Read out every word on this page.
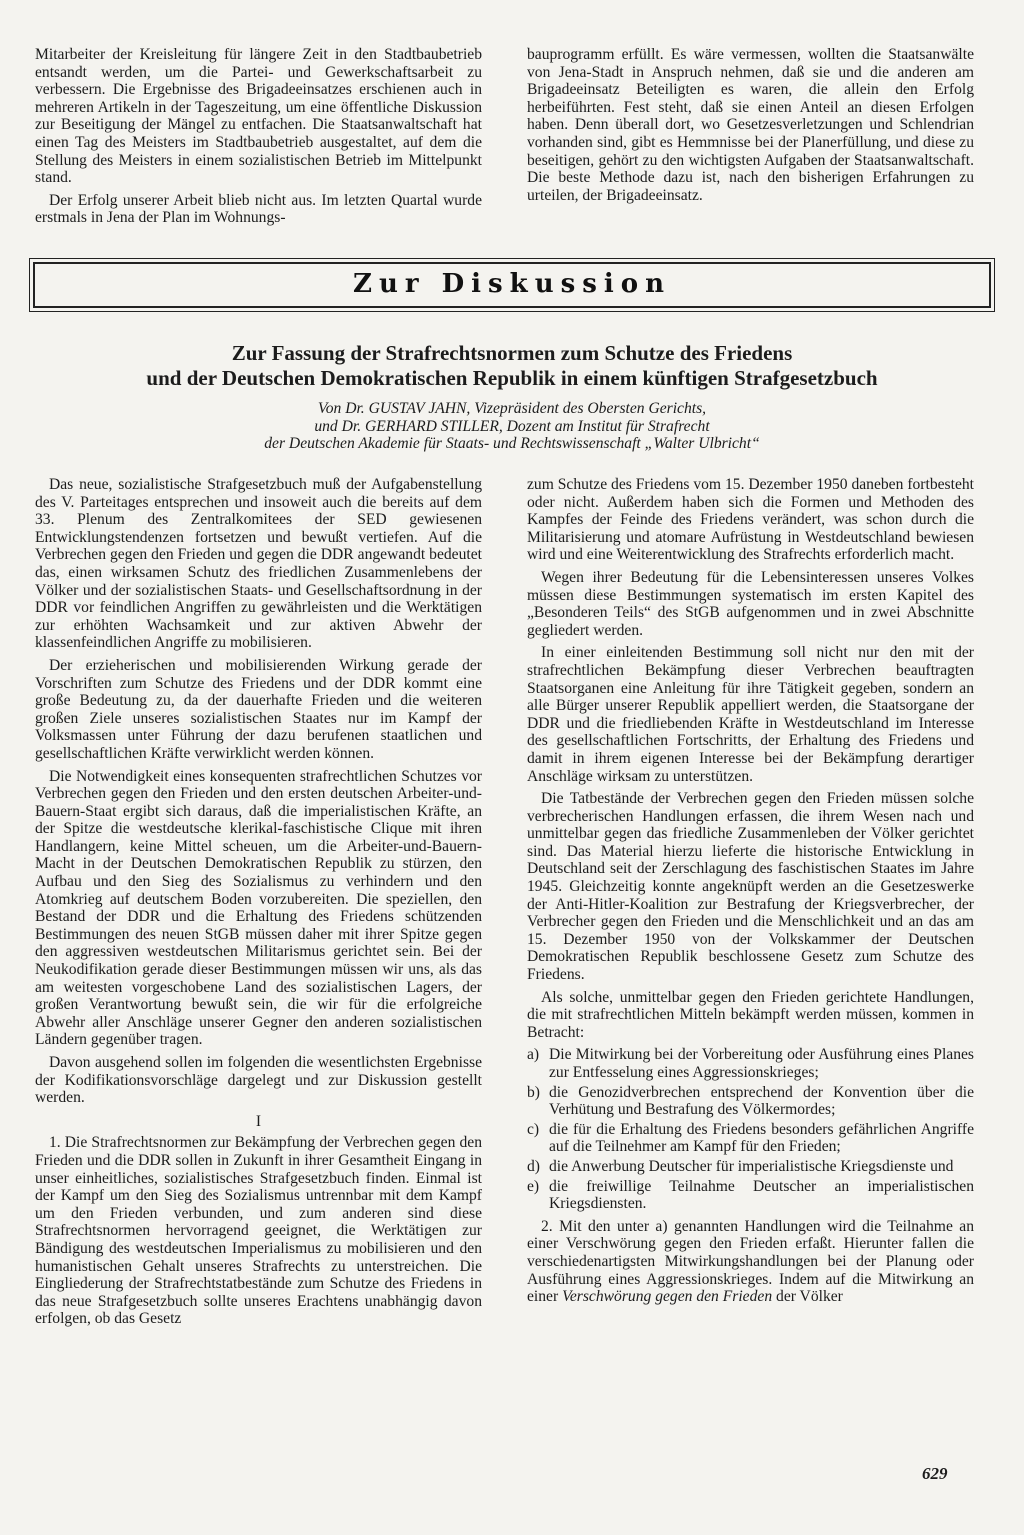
Mitarbeiter der Kreisleitung für längere Zeit in den Stadtbaubetrieb entsandt werden, um die Partei- und Gewerkschaftsarbeit zu verbessern. Die Ergebnisse des Brigadeeinsatzes erschienen auch in mehreren Artikeln in der Tageszeitung, um eine öffentliche Diskussion zur Beseitigung der Mängel zu entfachen. Die Staatsanwaltschaft hat einen Tag des Meisters im Stadtbaubetrieb ausgestaltet, auf dem die Stellung des Meisters in einem sozialistischen Betrieb im Mittelpunkt stand.

Der Erfolg unserer Arbeit blieb nicht aus. Im letzten Quartal wurde erstmals in Jena der Plan im Wohnungs-

bauprogramm erfüllt. Es wäre vermessen, wollten die Staatsanwälte von Jena-Stadt in Anspruch nehmen, daß sie und die anderen am Brigadeeinsatz Beteiligten es waren, die allein den Erfolg herbeiführten. Fest steht, daß sie einen Anteil an diesen Erfolgen haben. Denn überall dort, wo Gesetzesverletzungen und Schlendrian vorhanden sind, gibt es Hemmnisse bei der Planerfüllung, und diese zu beseitigen, gehört zu den wichtigsten Aufgaben der Staatsanwaltschaft. Die beste Methode dazu ist, nach den bisherigen Erfahrungen zu urteilen, der Brigadeeinsatz.

Zur Diskussion
Zur Fassung der Strafrechtsnormen zum Schutze des Friedens
und der Deutschen Demokratischen Republik in einem künftigen Strafgesetzbuch
Von Dr. GUSTAV JAHN, Vizepräsident des Obersten Gerichts,
und Dr. GERHARD STILLER, Dozent am Institut für Strafrecht
der Deutschen Akademie für Staats- und Rechtswissenschaft „Walter Ulbricht“

Das neue, sozialistische Strafgesetzbuch muß der Aufgabenstellung des V. Parteitages entsprechen und insoweit auch die bereits auf dem 33. Plenum des Zentralkomitees der SED gewiesenen Entwicklungstendenzen fortsetzen und bewußt vertiefen. Auf die Verbrechen gegen den Frieden und gegen die DDR angewandt bedeutet das, einen wirksamen Schutz des friedlichen Zusammenlebens der Völker und der sozialistischen Staats- und Gesellschaftsordnung in der DDR vor feindlichen Angriffen zu gewährleisten und die Werktätigen zur erhöhten Wachsamkeit und zur aktiven Abwehr der klassenfeindlichen Angriffe zu mobilisieren.

Der erzieherischen und mobilisierenden Wirkung gerade der Vorschriften zum Schutze des Friedens und der DDR kommt eine große Bedeutung zu, da der dauerhafte Frieden und die weiteren großen Ziele unseres sozialistischen Staates nur im Kampf der Volksmassen unter Führung der dazu berufenen staatlichen und gesellschaftlichen Kräfte verwirklicht werden können.

Die Notwendigkeit eines konsequenten strafrechtlichen Schutzes vor Verbrechen gegen den Frieden und den ersten deutschen Arbeiter-und-Bauern-Staat ergibt sich daraus, daß die imperialistischen Kräfte, an der Spitze die westdeutsche klerikal-faschistische Clique mit ihren Handlangern, keine Mittel scheuen, um die Arbeiter-und-Bauern-Macht in der Deutschen Demokratischen Republik zu stürzen, den Aufbau und den Sieg des Sozialismus zu verhindern und den Atomkrieg auf deutschem Boden vorzubereiten. Die speziellen, den Bestand der DDR und die Erhaltung des Friedens schützenden Bestimmungen des neuen StGB müssen daher mit ihrer Spitze gegen den aggressiven westdeutschen Militarismus gerichtet sein. Bei der Neukodifikation gerade dieser Bestimmungen müssen wir uns, als das am weitesten vorgeschobene Land des sozialistischen Lagers, der großen Verantwortung bewußt sein, die wir für die erfolgreiche Abwehr aller Anschläge unserer Gegner den anderen sozialistischen Ländern gegenüber tragen.

Davon ausgehend sollen im folgenden die wesentlichsten Ergebnisse der Kodifikationsvorschläge dargelegt und zur Diskussion gestellt werden.

I

1. Die Strafrechtsnormen zur Bekämpfung der Verbrechen gegen den Frieden und die DDR sollen in Zukunft in ihrer Gesamtheit Eingang in unser einheitliches, sozialistisches Strafgesetzbuch finden. Einmal ist der Kampf um den Sieg des Sozialismus untrennbar mit dem Kampf um den Frieden verbunden, und zum anderen sind diese Strafrechtsnormen hervorragend geeignet, die Werktätigen zur Bändigung des westdeutschen Imperialismus zu mobilisieren und den humanistischen Gehalt unseres Strafrechts zu unterstreichen. Die Eingliederung der Strafrechtstatbestände zum Schutze des Friedens in das neue Strafgesetzbuch sollte unseres Erachtens unabhängig davon erfolgen, ob das Gesetz

zum Schutze des Friedens vom 15. Dezember 1950 daneben fortbesteht oder nicht. Außerdem haben sich die Formen und Methoden des Kampfes der Feinde des Friedens verändert, was schon durch die Militarisierung und atomare Aufrüstung in Westdeutschland bewiesen wird und eine Weiterentwicklung des Strafrechts erforderlich macht.

Wegen ihrer Bedeutung für die Lebensinteressen unseres Volkes müssen diese Bestimmungen systematisch im ersten Kapitel des „Besonderen Teils“ des StGB aufgenommen und in zwei Abschnitte gegliedert werden.

In einer einleitenden Bestimmung soll nicht nur den mit der strafrechtlichen Bekämpfung dieser Verbrechen beauftragten Staatsorganen eine Anleitung für ihre Tätigkeit gegeben, sondern an alle Bürger unserer Republik appelliert werden, die Staatsorgane der DDR und die friedliebenden Kräfte in Westdeutschland im Interesse des gesellschaftlichen Fortschritts, der Erhaltung des Friedens und damit in ihrem eigenen Interesse bei der Bekämpfung derartiger Anschläge wirksam zu unterstützen.

Die Tatbestände der Verbrechen gegen den Frieden müssen solche verbrecherischen Handlungen erfassen, die ihrem Wesen nach und unmittelbar gegen das friedliche Zusammenleben der Völker gerichtet sind. Das Material hierzu lieferte die historische Entwicklung in Deutschland seit der Zerschlagung des faschistischen Staates im Jahre 1945. Gleichzeitig konnte angeknüpft werden an die Gesetzeswerke der Anti-Hitler-Koalition zur Bestrafung der Kriegsverbrecher, der Verbrecher gegen den Frieden und die Menschlichkeit und an das am 15. Dezember 1950 von der Volkskammer der Deutschen Demokratischen Republik beschlossene Gesetz zum Schutze des Friedens.

Als solche, unmittelbar gegen den Frieden gerichtete Handlungen, die mit strafrechtlichen Mitteln bekämpft werden müssen, kommen in Betracht:

a) Die Mitwirkung bei der Vorbereitung oder Ausführung eines Planes zur Entfesselung eines Aggressionskrieges;
b) die Genozidverbrechen entsprechend der Konvention über die Verhütung und Bestrafung des Völkermordes;
c) die für die Erhaltung des Friedens besonders gefährlichen Angriffe auf die Teilnehmer am Kampf für den Frieden;
d) die Anwerbung Deutscher für imperialistische Kriegsdienste und
e) die freiwillige Teilnahme Deutscher an imperialistischen Kriegsdiensten.

2. Mit den unter a) genannten Handlungen wird die Teilnahme an einer Verschwörung gegen den Frieden erfaßt. Hierunter fallen die verschiedenartigsten Mitwirkungshandlungen bei der Planung oder Ausführung eines Aggressionskrieges. Indem auf die Mitwirkung an einer Verschwörung gegen den Frieden der Völker

629
